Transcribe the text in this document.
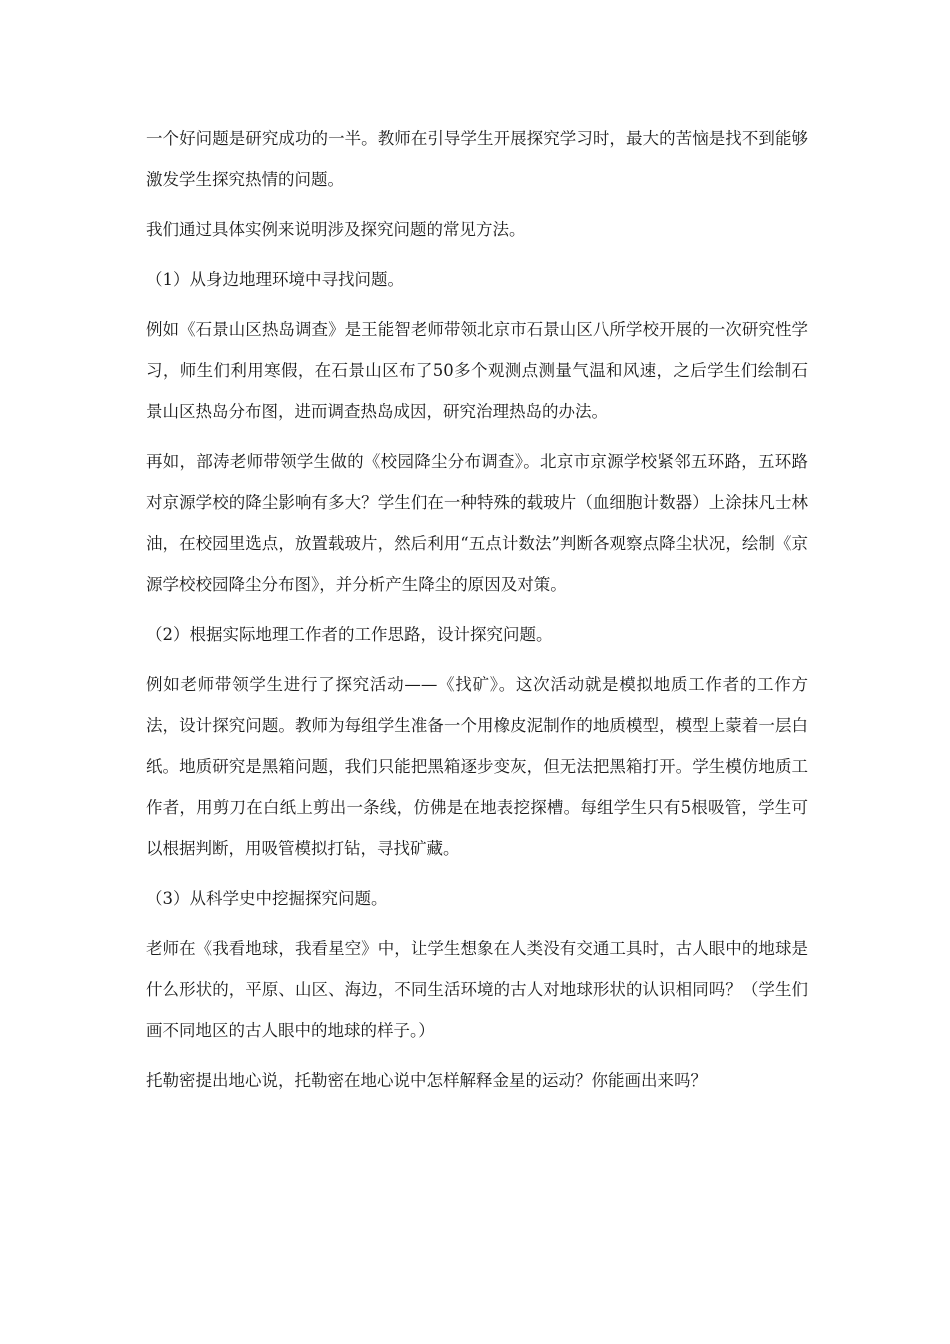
一个好问题是研究成功的一半。教师在引导学生开展探究学习时，最大的苦恼是找不到能够激发学生探究热情的问题。

我们通过具体实例来说明涉及探究问题的常见方法。

（1）从身边地理环境中寻找问题。

例如《石景山区热岛调查》是王能智老师带领北京市石景山区八所学校开展的一次研究性学习，师生们利用寒假，在石景山区布了50多个观测点测量气温和风速，之后学生们绘制石景山区热岛分布图，进而调查热岛成因，研究治理热岛的办法。

再如，部涛老师带领学生做的《校园降尘分布调查》。北京市京源学校紧邻五环路，五环路对京源学校的降尘影响有多大？学生们在一种特殊的载玻片（血细胞计数器）上涂抹凡士林油，在校园里选点，放置载玻片，然后利用“五点计数法”判断各观察点降尘状况，绘制《京源学校校园降尘分布图》，并分析产生降尘的原因及对策。

（2）根据实际地理工作者的工作思路，设计探究问题。

例如老师带领学生进行了探究活动——《找矿》。这次活动就是模拟地质工作者的工作方法，设计探究问题。教师为每组学生准备一个用橡皮泥制作的地质模型，模型上蒙着一层白纸。地质研究是黑箱问题，我们只能把黑箱逐步变灰，但无法把黑箱打开。学生模仿地质工作者，用剪刀在白纸上剪出一条线，仿佛是在地表挖探槽。每组学生只有5根吸管，学生可以根据判断，用吸管模拟打钻，寻找矿藏。

（3）从科学史中挖掘探究问题。

老师在《我看地球，我看星空》中，让学生想象在人类没有交通工具时，古人眼中的地球是什么形状的，平原、山区、海边，不同生活环境的古人对地球形状的认识相同吗？（学生们画不同地区的古人眼中的地球的样子。）

托勒密提出地心说，托勒密在地心说中怎样解释金星的运动？你能画出来吗？
